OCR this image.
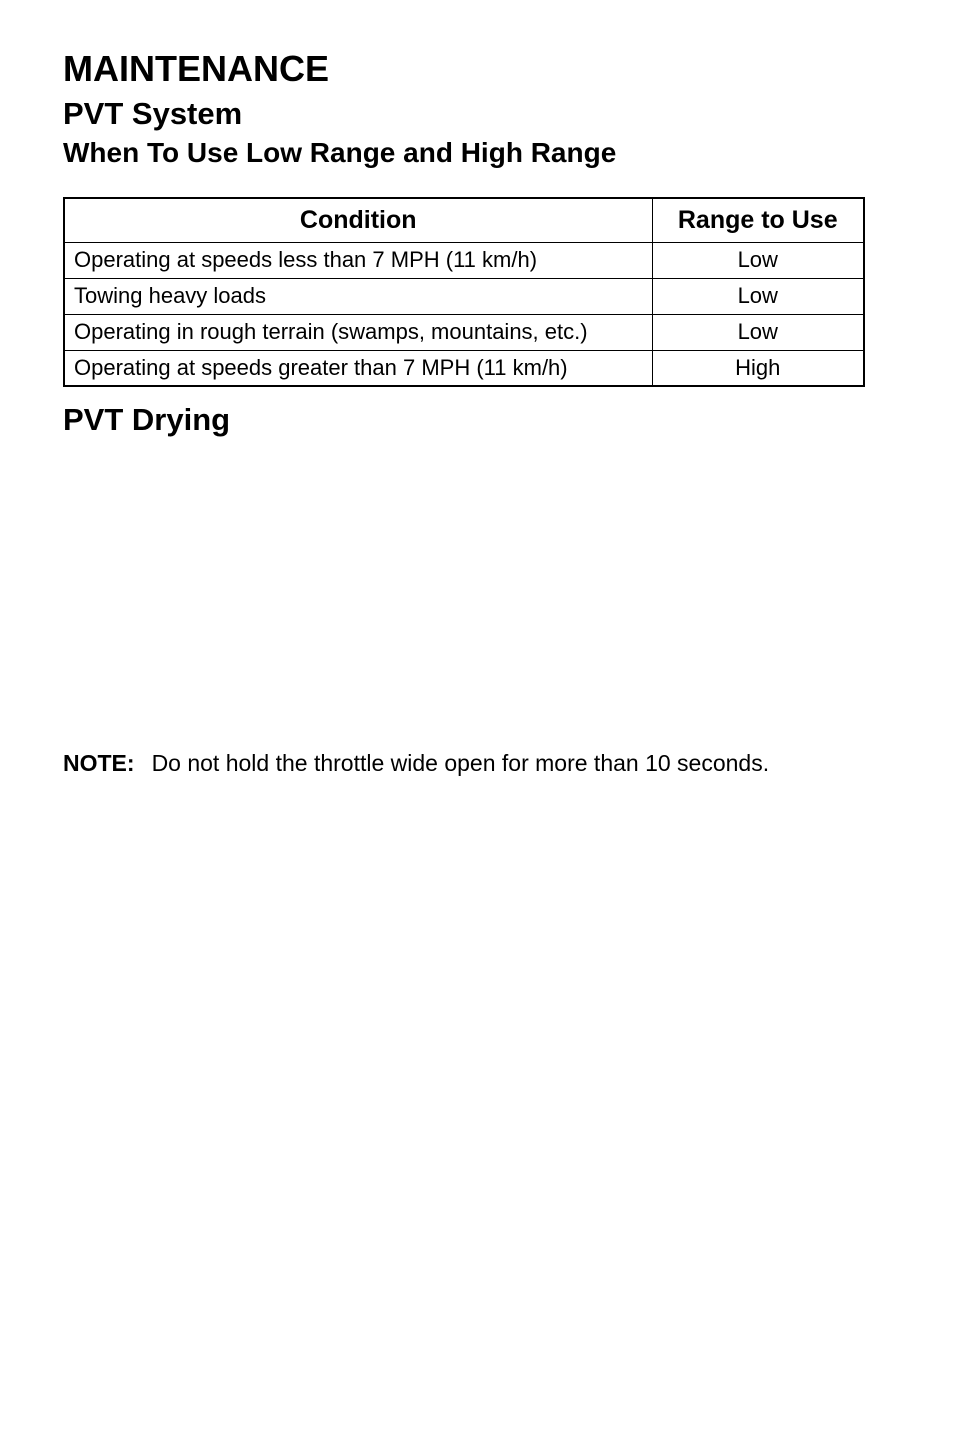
MAINTENANCE
PVT System
When To Use Low Range and High Range
Condition	Range to Use
Operating at speeds less than 7 MPH (11 km/h)	Low
Towing heavy loads	Low
Operating in rough terrain (swamps, mountains, etc.)	Low
Operating at speeds greater than 7 MPH (11 km/h)	High
PVT Drying

NOTE: Do not hold the throttle wide open for more than 10 seconds.
